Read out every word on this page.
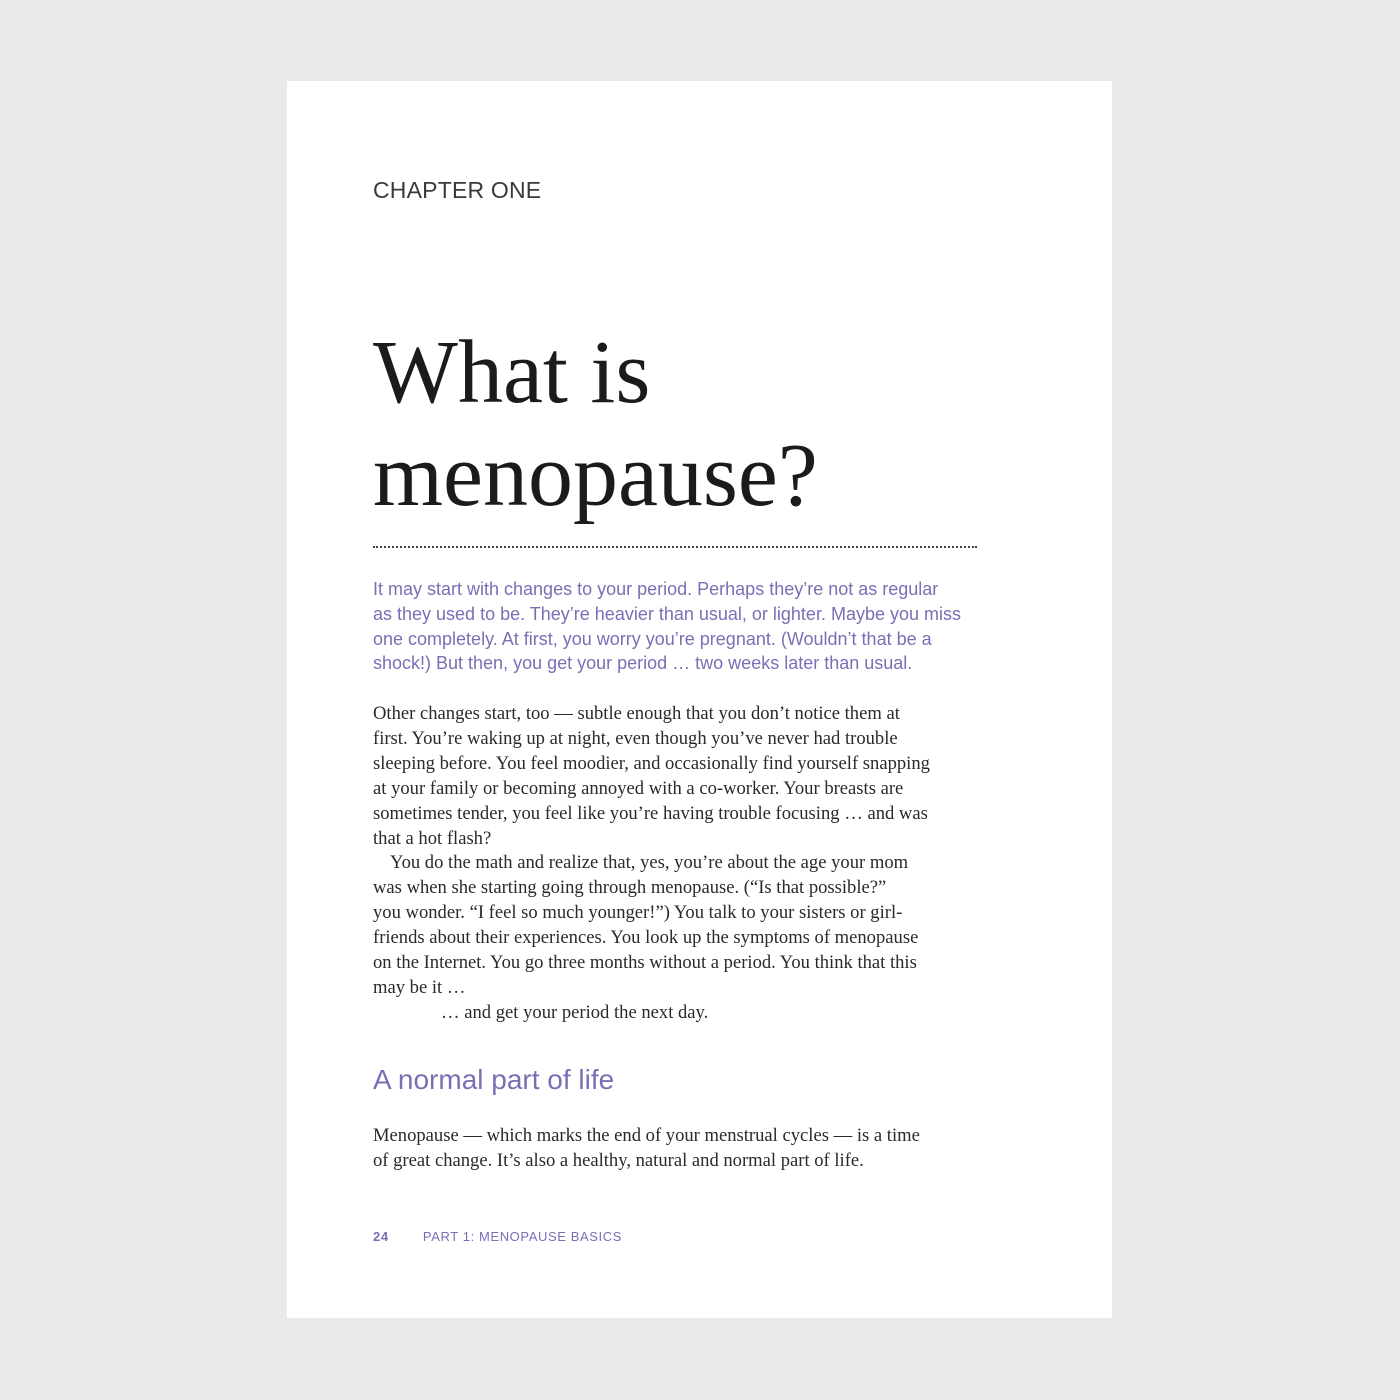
CHAPTER ONE

What is
menopause?

It may start with changes to your period. Perhaps they’re not as regular
as they used to be. They’re heavier than usual, or lighter. Maybe you miss
one completely. At first, you worry you’re pregnant. (Wouldn’t that be a
shock!) But then, you get your period … two weeks later than usual.

Other changes start, too — subtle enough that you don’t notice them at
first. You’re waking up at night, even though you’ve never had trouble
sleeping before. You feel moodier, and occasionally find yourself snapping
at your family or becoming annoyed with a co-worker. Your breasts are
sometimes tender, you feel like you’re having trouble focusing … and was
that a hot flash?
You do the math and realize that, yes, you’re about the age your mom
was when she starting going through menopause. (“Is that possible?”
you wonder. “I feel so much younger!”) You talk to your sisters or girl-
friends about their experiences. You look up the symptoms of menopause
on the Internet. You go three months without a period. You think that this
may be it …
… and get your period the next day.
A normal part of life
Menopause — which marks the end of your menstrual cycles — is a time
of great change. It’s also a healthy, natural and normal part of life.
24	PART 1: MENOPAUSE BASICS
